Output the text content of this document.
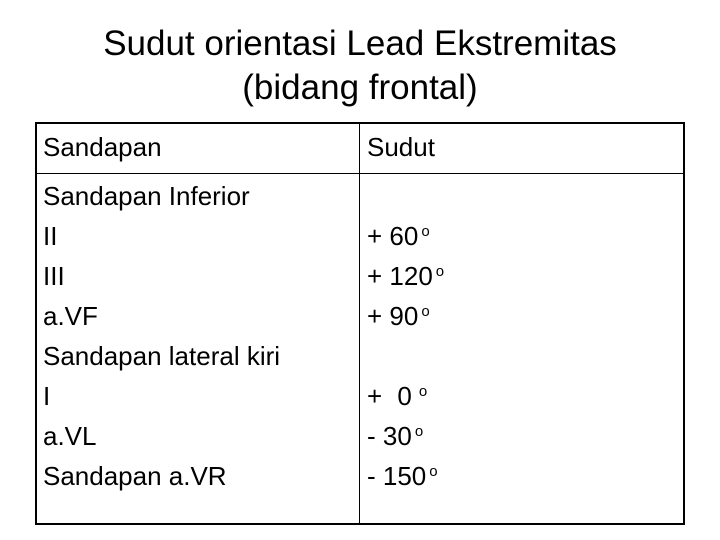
Sudut orientasi Lead Ekstremitas
(bidang frontal)
Sandapan	Sudut
Sandapan Inferior
II
III
a.VF
Sandapan lateral kiri
I
a.VL
Sandapan a.VR
+ 60 $^o$
+ 120 $^o$
+ 90 $^o$
+ 0 $^o$
- 30 $^o$
- 150 $^o$
